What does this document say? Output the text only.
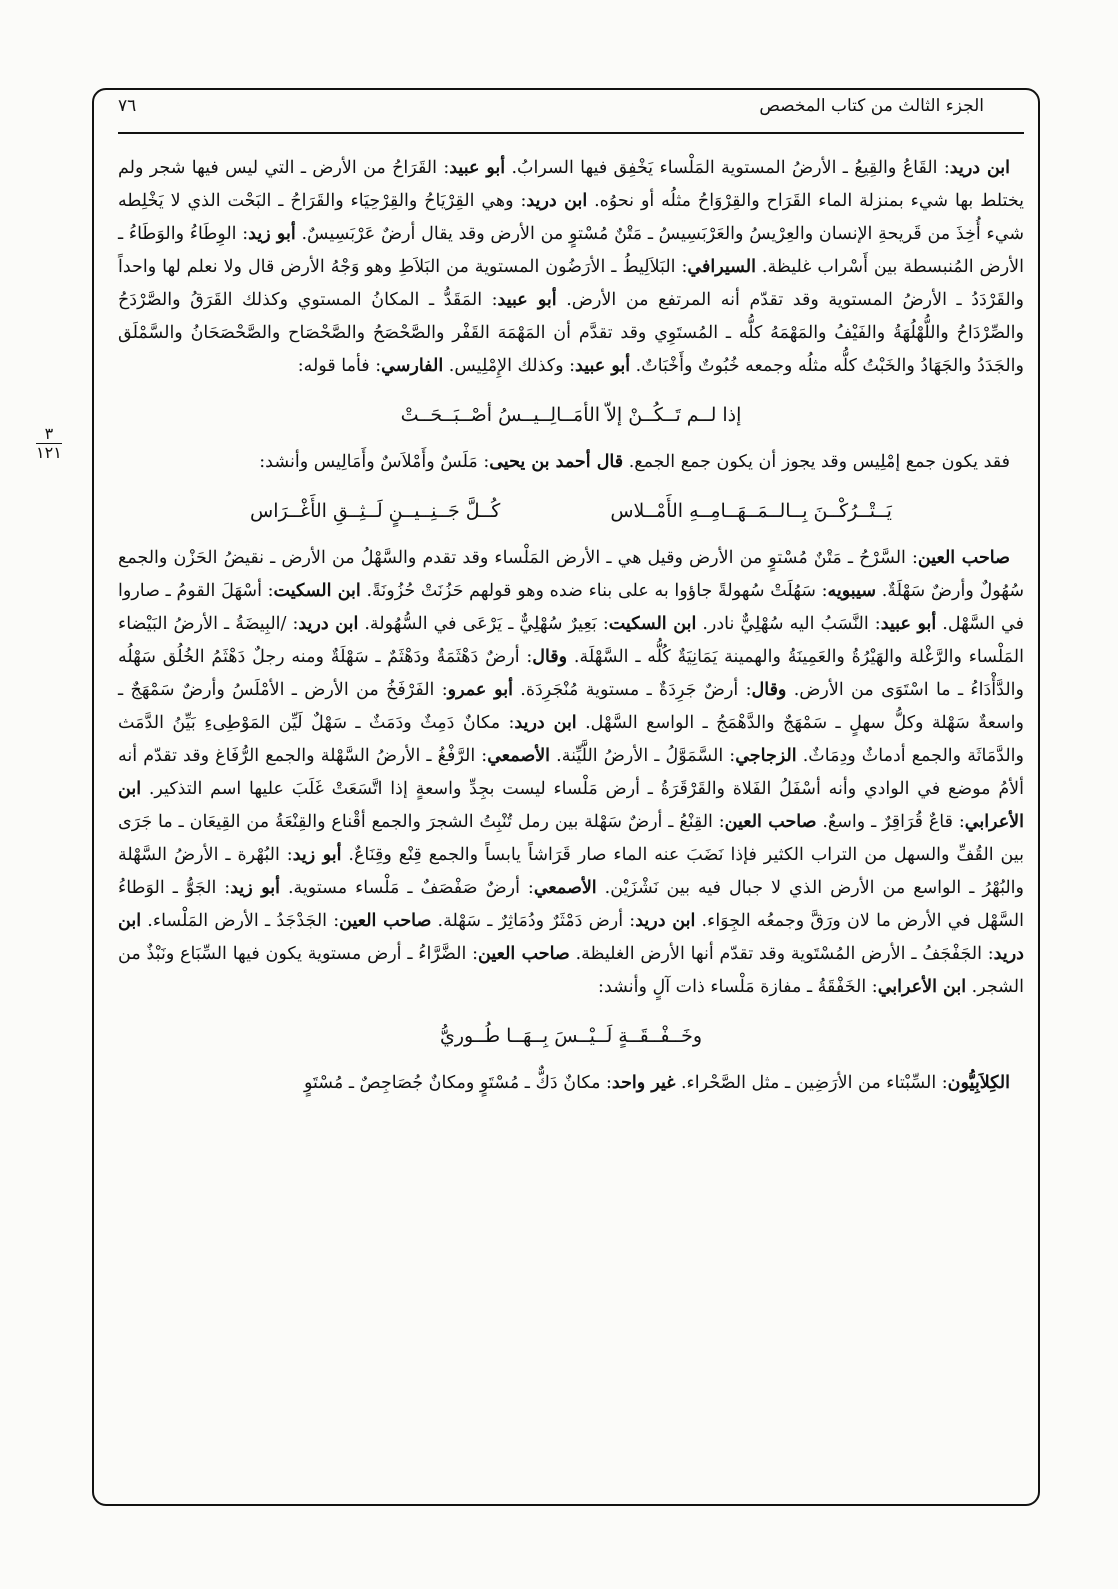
الجزء الثالث من كتاب المخصص
٧٦
٣
١٢١

ابن دريد: القَاعُ والقِيعُ ـ الأرضُ المستوية المَلْساء يَخْفِق فيها السرابُ. أبو عبيد: القَرَاحُ من الأرض ـ التي ليس فيها شجر ولم يختلط بها شيء بمنزلة الماء القَرَاح والقِرْوَاحُ مثلُه أو نحوُه. ابن دريد: وهي القِرْيَاحُ والقِرْحِيَاء والقَرَاحُ ـ البَحْت الذي لا يَخْلِطه شيء أُخِذَ من قَريحةِ الإنسان والعِرْيسُ والعَرْبَسِيسُ ـ مَتْنٌ مُسْتوٍ من الأرض وقد يقال أرضٌ عَرْبَسِيسٌ. أبو زيد: الوِطَاءُ والوَطَاءُ ـ الأرض المُنبسطة بين أَسْراب غليظة. السيرافي: البَلاَلِيطُ ـ الأرَضُون المستوية من البَلاَطِ وهو وَجْهُ الأرض قال ولا نعلم لها واحداً والقَرْدَدُ ـ الأرضُ المستوية وقد تقدّم أنه المرتفع من الأرض. أبو عبيد: المَقَدُّ ـ المكانُ المستوي وكذلك القَرَقُ والصَّرْدَحُ والصِّرْدَاحُ واللُّهْلُهَةُ والفَيْفُ والمَهْمَهُ كلُّه ـ المُستَوِي وقد تقدَّم أن المَهْمَهَ القَفْر والصَّحْصَحُ والصَّحْصَاح والصَّحْصَحَانُ والسَّمْلَق والجَدَدُ والجَهَادُ والخَبْتُ كلُّه مثلُه وجمعه خُبُوتٌ وأَخْبَاتٌ. أبو عبيد: وكذلك الإِمْلِيس. الفارسي: فأما قوله:

إذا لــم تَــكُــنْ إلاّ الأمَــالِــيــسُ أصْــبَــحَــتْ

فقد يكون جمع إمْلِيس وقد يجوز أن يكون جمع الجمع. قال أحمد بن يحيى: مَلَسٌ وأَمْلاَسٌ وأَمَالِيس وأنشد:

يَــتْــرُكْــنَ بِــالــمَــهَــامِــهِ الأَمْــلاس
كُــلَّ جَــنِــيــنٍ لَــثِــقِ الأَغْــرَاس

صاحب العين: السَّرْحُ ـ مَتْنٌ مُسْتوٍ من الأرض وقيل هي ـ الأرض المَلْساء وقد تقدم والسَّهْلُ من الأرض ـ نقيضُ الحَزْن والجمع سُهُولٌ وأرضٌ سَهْلَةٌ. سيبويه: سَهُلَتْ سُهولةً جاؤوا به على بناء ضده وهو قولهم حَزُنَتْ حُزُونَةً. ابن السكيت: أسْهَلَ القومُ ـ صاروا في السَّهْل. أبو عبيد: النَّسَبُ اليه سُهْلِيٌّ نادر. ابن السكيت: بَعِيرٌ سُهْلِيٌّ ـ يَرْعَى في السُّهُولة. ابن دريد: /البِيضَةُ ـ الأرضُ البَيْضاء المَلْساء والرَّغْلة والهَيْرُةُ والعَمِينَةُ والهمينة يَمَانِيَةٌ كُلُّه ـ السَّهْلَة. وقال: أرضٌ دَهْثَمَةٌ ودَهْثَمٌ ـ سَهْلَةٌ ومنه رجلٌ دَهْثَمُ الخُلُق سَهْلُه والدَّأْدَاءُ ـ ما اسْتَوَى من الأرض. وقال: أرضٌ جَرِدَةٌ ـ مستوية مُنْجَرِدَة. أبو عمرو: الفَرْفَخُ من الأرض ـ الأمْلَسُ وأرضٌ سَمْهَجٌ ـ واسعةٌ سَهْلة وكلُّ سهلٍ ـ سَمْهَجٌ والدَّهْمَجُ ـ الواسع السَّهْل. ابن دريد: مكانٌ دَمِثٌ ودَمَثٌ ـ سَهْلٌ لَيِّن المَوْطِىءِ بَيِّنُ الدَّمَث والدَّمَاثَة والجمع أدماثٌ ودِمَاثٌ. الزجاجي: السَّمَوَّلُ ـ الأرضُ اللَّيِّنة. الأصمعي: الرَّفْغُ ـ الأرضُ السَّهْلة والجمع الرُّفَاغ وقد تقدّم أنه ألأمُ موضع في الوادي وأنه أسْفَلُ الفَلاة والقَرْقَرَةُ ـ أرض مَلْساء ليست بجِدِّ واسعةٍ إذا اتَّسَعَتْ غَلَبَ عليها اسم التذكير. ابن الأعرابي: قاعٌ قُرَاقِرٌ ـ واسعٌ. صاحب العين: القِنْعُ ـ أرضٌ سَهْلة بين رمل تُنْبِتُ الشجرَ والجمع أقْناع والقِنْعَةُ من القِيعَان ـ ما جَرَى بين القُفِّ والسهل من التراب الكثير فإذا نَضَبَ عنه الماء صار قَرَاشاً يابساً والجمع قِنْع وقِنَاعٌ. أبو زيد: البُهْرة ـ الأرضُ السَّهْلة والبُهْرُ ـ الواسع من الأرض الذي لا جبال فيه بين نَشْزَيْن. الأصمعي: أرضٌ صَفْصَفٌ ـ مَلْساء مستوية. أبو زيد: الجَوُّ ـ الوَطاءُ السَّهْل في الأرض ما لان ورَقَّ وجمعُه الجِوَاء. ابن دريد: أرض دَمْثَرٌ ودُمَاثِرٌ ـ سَهْلة. صاحب العين: الجَدْجَدُ ـ الأرض المَلْساء. ابن دريد: الجَفْجَفُ ـ الأرض المُسْتَوية وقد تقدّم أنها الأرض الغليظة. صاحب العين: الضَّرَّاءُ ـ أرض مستوية يكون فيها السِّبَاع ونَبْذٌ من الشجر. ابن الأعرابي: الخَفْقَةُ ـ مفازة مَلْساء ذات آلٍ وأنشد:

وخَــفْــقَــةٍ لَــيْــسَ بِــهَــا طُــوريُّ

الكِلاَبِيُّون: السِّبْتاء من الأرَضِين ـ مثل الصَّحْراء. غير واحد: مكانٌ دَكٌّ ـ مُسْتَوٍ ومكانٌ جُصَاجِصٌ ـ مُسْتَوٍ
